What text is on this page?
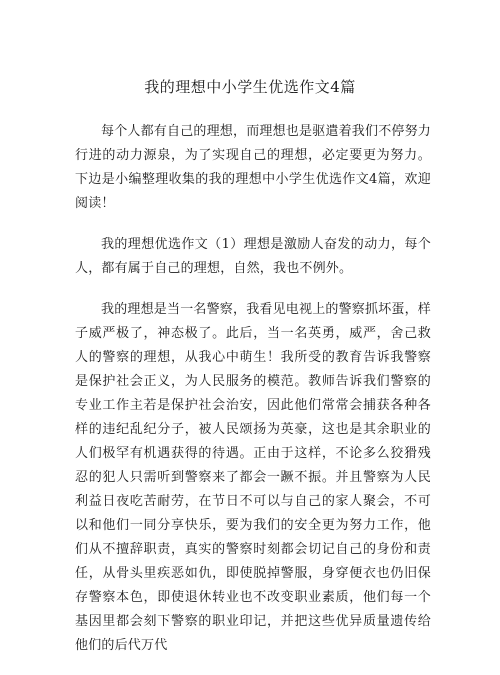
我的理想中小学生优选作文4篇

每个人都有自己的理想，而理想也是驱遣着我们不停努力行进的动力源泉，为了实现自己的理想，必定要更为努力。下边是小编整理收集的我的理想中小学生优选作文4篇，欢迎阅读！

我的理想优选作文（1）理想是激励人奋发的动力，每个人，都有属于自己的理想，自然，我也不例外。

我的理想是当一名警察，我看见电视上的警察抓坏蛋，样子威严极了，神态极了。此后，当一名英勇，威严，舍己救人的警察的理想，从我心中萌生！我所受的教育告诉我警察是保护社会正义，为人民服务的模范。教师告诉我们警察的专业工作主若是保护社会治安，因此他们常常会捕获各种各样的违纪乱纪分子，被人民颂扬为英豪，这也是其余职业的人们极罕有机遇获得的待遇。正由于这样，不论多么狡猾残忍的犯人只需听到警察来了都会一蹶不振。并且警察为人民利益日夜吃苦耐劳，在节日不可以与自己的家人聚会，不可以和他们一同分享快乐，要为我们的安全更为努力工作，他们从不擅辞职责，真实的警察时刻都会切记自己的身份和责任，从骨头里疾恶如仇，即使脱掉警服，身穿便衣也仍旧保存警察本色，即使退休转业也不改变职业素质，他们每一个基因里都会刻下警察的职业印记，并把这些优异质量遗传给他们的后代万代
